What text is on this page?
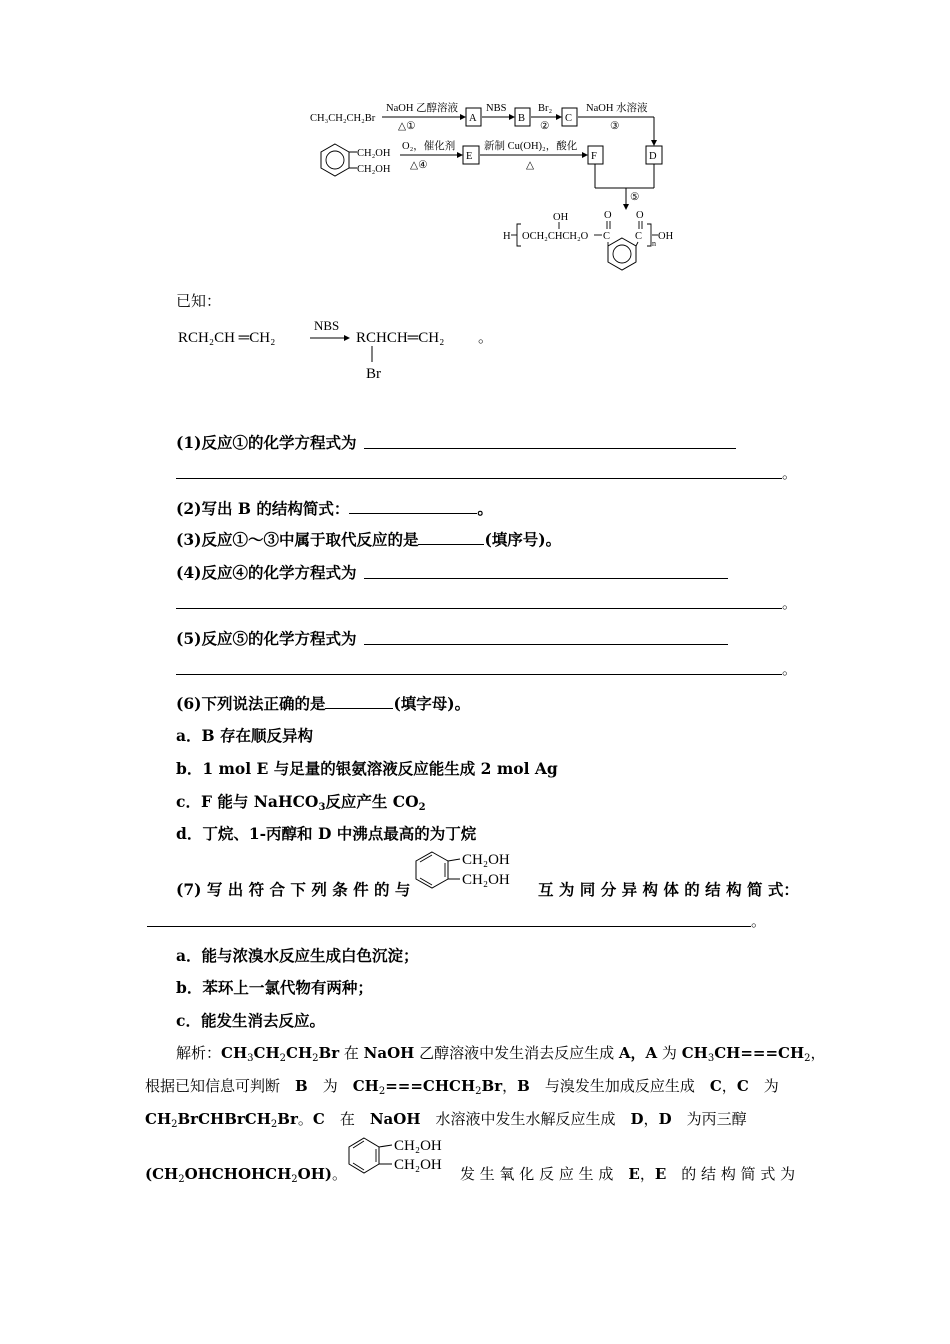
CH₃CH₂CH₂Br
NaOH 乙醇溶液
△①
A
NBS
B
Br₂
②
C
NaOH 水溶液
③
D
CH₂OH
CH₂OH
O₂，催化剂
△④
E
新制 Cu(OH)₂，酸化
△
F
⑤
OH
H OCH₂CHCH₂O
O
C
O
C
n
OH
已知：
RCH₂CH ═CH₂
NBS
RCHCH═CH₂
Br
。
(1)反应①的化学方程式为
。
(2)写出 B 的结构简式：	。
(3)反应①～③中属于取代反应的是	(填序号)。
(4)反应④的化学方程式为
。
(5)反应⑤的化学方程式为
。
(6)下列说法正确的是	(填字母)。
a．B 存在顺反异构
b．1 mol E 与足量的银氨溶液反应能生成 2 mol Ag
c．F 能与 NaHCO$_3$反应产生 $CO_2$
d．丁烷、1-丙醇和 D 中沸点最高的为丁烷
(7) 写 出 符 合 下 列 条 件 的 与
CH₂OH
CH₂OH 互 为 同 分 异 构 体 的 结 构 简 式：
。
a．能与浓溴水反应生成白色沉淀；
b．苯环上一氯代物有两种；
c．能发生消去反应。
解析：$CH_3CH_2CH_2Br$ 在 NaOH 乙醇溶液中发生消去反应生成 A，A 为 $CH_3CH===CH_2$，
根据已知信息可判断　B　为　$CH_2===CHCH_2Br$，B　与溴发生加成反应生成　C，C　为
$CH_2BrCHBrCH_2Br$。C　在　NaOH　水溶液中发生水解反应生成　D，D　为丙三醇
$(CH_2OHCHOHCH_2OH)$。
CH₂OH
CH₂OH 发 生 氧 化 反 应 生 成　E，E　的 结 构 简 式 为
